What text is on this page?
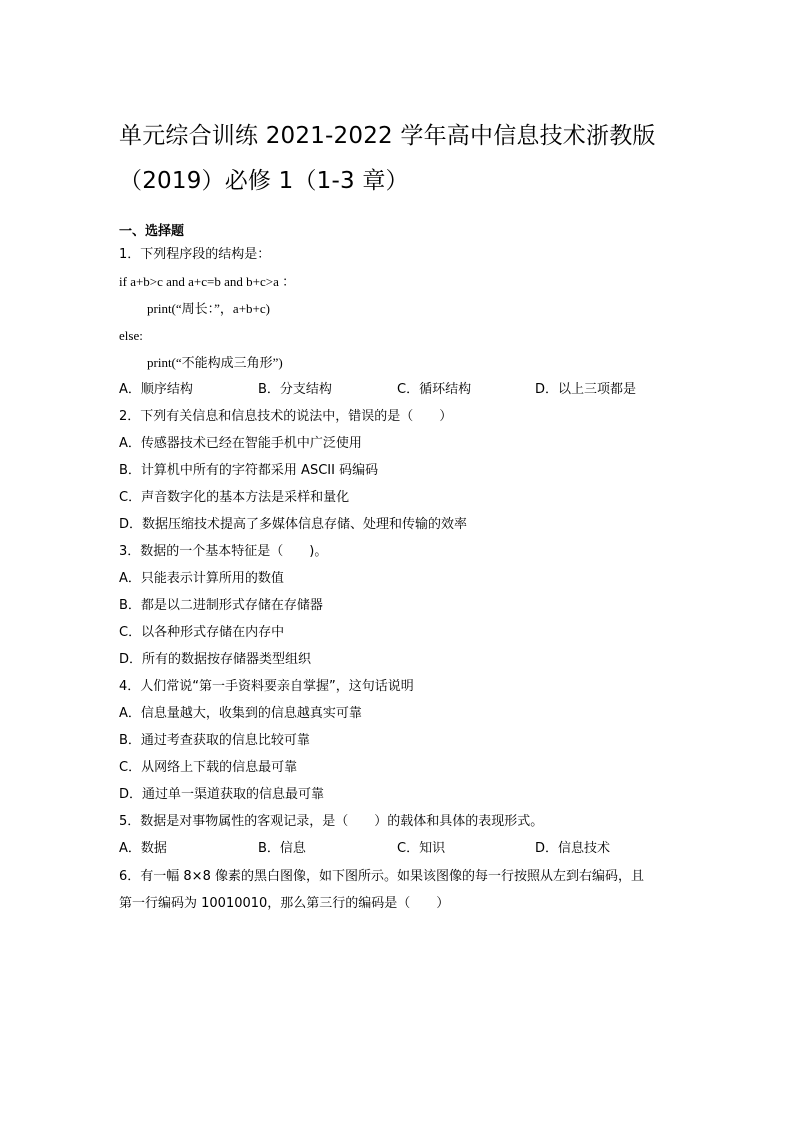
单元综合训练 2021-2022 学年高中信息技术浙教版
（2019）必修 1（1-3 章）
一、选择题
1．下列程序段的结构是：
if a+b>c and a+c=b and b+c>a ：
print(“周长：”，a+b+c)
else:
print(“不能构成三角形”)
A．顺序结构	B．分支结构	C．循环结构	D．以上三项都是
2．下列有关信息和信息技术的说法中，错误的是（　　）
A．传感器技术已经在智能手机中广泛使用
B．计算机中所有的字符都采用 ASCII 码编码
C．声音数字化的基本方法是采样和量化
D．数据压缩技术提高了多媒体信息存储、处理和传输的效率
3．数据的一个基本特征是（　　)。
A．只能表示计算所用的数值
B．都是以二进制形式存储在存储器
C．以各种形式存储在内存中
D．所有的数据按存储器类型组织
4．人们常说“第一手资料要亲自掌握”，这句话说明
A．信息量越大，收集到的信息越真实可靠
B．通过考查获取的信息比较可靠
C．从网络上下载的信息最可靠
D．通过单一渠道获取的信息最可靠
5．数据是对事物属性的客观记录，是（　　）的载体和具体的表现形式。
A．数据	B．信息	C．知识	D．信息技术
6．有一幅 8×8 像素的黑白图像，如下图所示。如果该图像的每一行按照从左到右编码，且
第一行编码为 10010010，那么第三行的编码是（　　）
